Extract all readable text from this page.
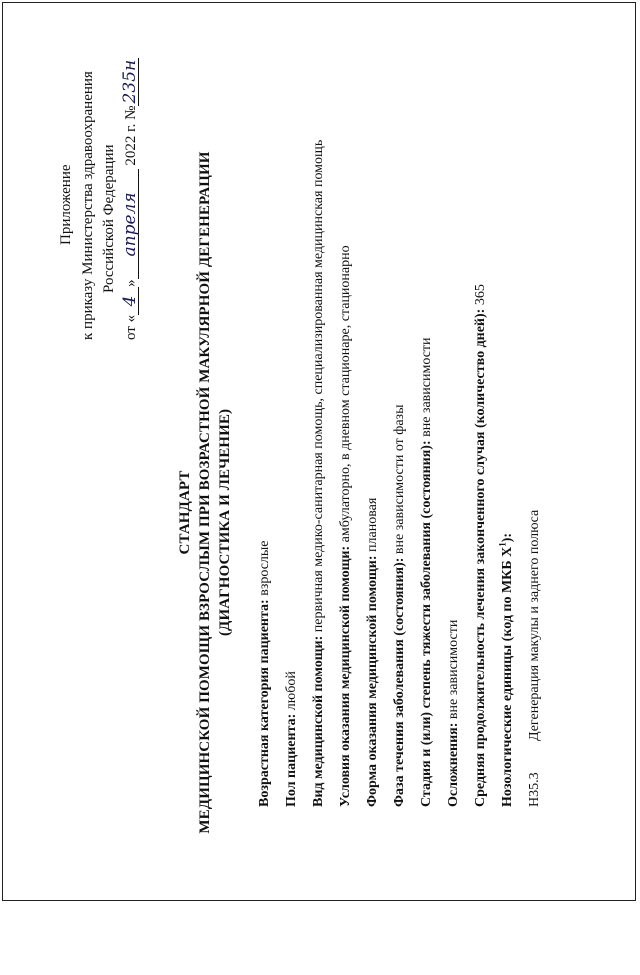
Приложение к приказу Министерства здравоохранения Российской Федерации
от «4»апреля 2022 г. №235н
СТАНДАРТ МЕДИЦИНСКОЙ ПОМОЩИ ВЗРОСЛЫМ ПРИ ВОЗРАСТНОЙ МАКУЛЯРНОЙ ДЕГЕНЕРАЦИИ (ДИАГНОСТИКА И ЛЕЧЕНИЕ)
Возрастная категория пациента: взрослые
Пол пациента: любой Вид медицинской помощи: первичная медико-санитарная помощь, специализированная медицинская помощь
Условия оказания медицинской помощи: амбулаторно, в дневном стационаре, стационарно
Форма оказания медицинской помощи: плановая
Фаза течения заболевания (состояния): вне зависимости от фазы Стадия и (или) степень тяжести заболевания (состояния): вне зависимости
Осложнения: вне зависимости Средняя продолжительность лечения законченного случая (количество дней): 365
Нозологические единицы (код по МКБ $X^1$):
H35.3Дегенерация макулы и заднего полюса
